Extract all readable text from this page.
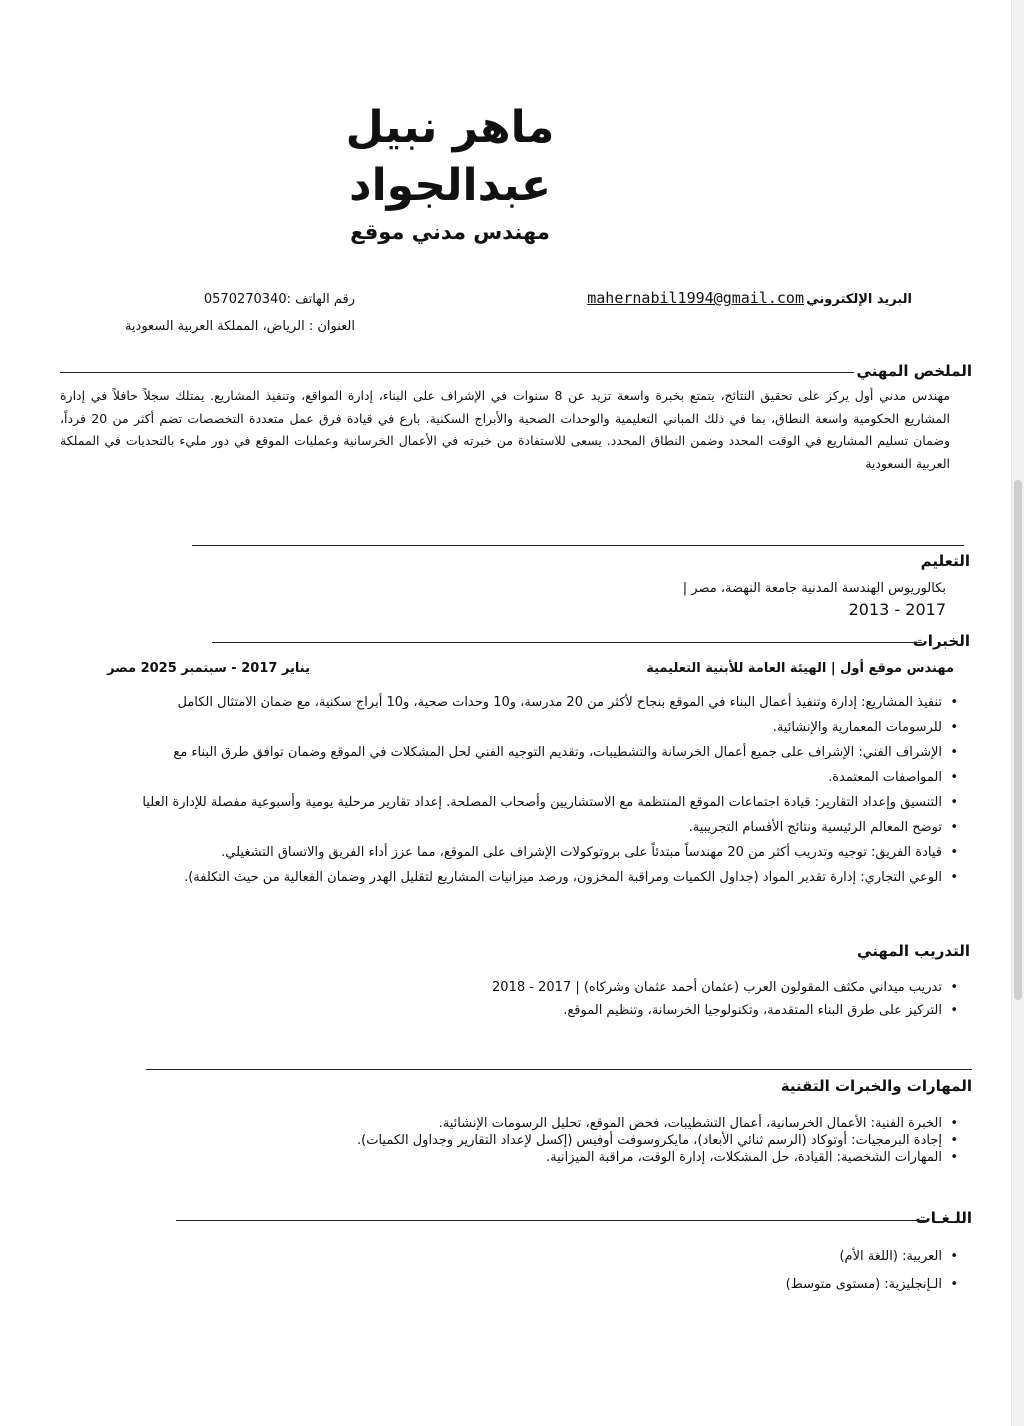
ماهر نبيل
عبدالجواد
مهندس مدني موقع
البريد الإلكتروني
mahernabil1994@gmail.com
رقم الهاتف :0570270340
العنوان : الرياض، المملكة العربية السعودية
الملخص المهني

مهندس مدني أول يركز على تحقيق النتائج، يتمتع بخبرة واسعة تزيد عن 8 سنوات في الإشراف على البناء، إدارة المواقع، وتنفيذ المشاريع. يمتلك سجلاً حافلاً في إدارة المشاريع الحكومية واسعة النطاق، بما في ذلك المباني التعليمية والوحدات الصحية والأبراج السكنية. بارع في قيادة فرق عمل متعددة التخصصات تضم أكثر من 20 فرداً، وضمان تسليم المشاريع في الوقت المحدد وضمن النطاق المحدد. يسعى للاستفادة من خبرته في الأعمال الخرسانية وعمليات الموقع في دور مليء بالتحديات في المملكة العربية السعودية

التعليم
بكالوريوس الهندسة المدنية جامعة النهضة، مصر |
2013 - 2017
الخبرات
مهندس موقع أول | الهيئة العامة للأبنية التعليمية
يناير 2017 - سبتمبر 2025 مصر
•
تنفيذ المشاريع: إدارة وتنفيذ أعمال البناء في الموقع بنجاح لأكثر من 20 مدرسة، و10 وحدات صحية، و10 أبراج سكنية، مع ضمان الامتثال الكامل
•
للرسومات المعمارية والإنشائية.
•
الإشراف الفني: الإشراف على جميع أعمال الخرسانة والتشطيبات، وتقديم التوجيه الفني لحل المشكلات في الموقع وضمان توافق طرق البناء مع
•
المواصفات المعتمدة.
•
التنسيق وإعداد التقارير: قيادة اجتماعات الموقع المنتظمة مع الاستشاريين وأصحاب المصلحة. إعداد تقارير مرحلية يومية وأسبوعية مفصلة للإدارة العليا
•
توضح المعالم الرئيسية ونتائج الأقسام التجريبية.
•
قيادة الفريق: توجيه وتدريب أكثر من 20 مهندساً مبتدئاً على بروتوكولات الإشراف على الموقع، مما عزز أداء الفريق والاتساق التشغيلي.
•
الوعي التجاري: إدارة تقدير المواد (جداول الكميات ومراقبة المخزون، ورصد ميزانيات المشاريع لتقليل الهدر وضمان الفعالية من حيث التكلفة).
التدريب المهني
•
تدريب ميداني مكثف المقولون العرب (عثمان أحمد عثمان وشركاه) | 2017 - 2018
•
التركيز على طرق البناء المتقدمة، وتكنولوجيا الخرسانة، وتنظيم الموقع.
المهارات والخبرات التقنية
•
الخبرة الفنية: الأعمال الخرسانية، أعمال التشطيبات، فحص الموقع، تحليل الرسومات الإنشائية.
•
إجادة البرمجيات: أوتوكاد (الرسم ثنائي الأبعاد)، مايكروسوفت أوفيس (إكسل لإعداد التقارير وجداول الكميات).
•
المهارات الشخصية: القيادة، حل المشكلات، إدارة الوقت، مراقبة الميزانية.
اللـغـات
•
العربية: (اللغة الأم)
•
الـإنجليزية: (مستوى متوسط)
